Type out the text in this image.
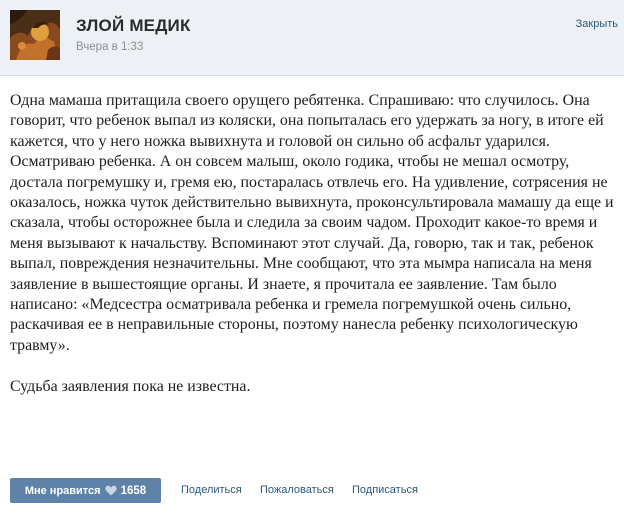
ЗЛОЙ МЕДИК
Вчера в 1:33
Закрыть

Одна мамаша притащила своего орущего ребятенка. Спрашиваю: что случилось. Она говорит, что ребенок выпал из коляски, она попыталась его удержать за ногу, в итоге ей кажется, что у него ножка вывихнута и головой он сильно об асфальт ударился. Осматриваю ребенка. А он совсем малыш, около годика, чтобы не мешал осмотру, достала погремушку и, гремя ею, постаралась отвлечь его. На удивление, сотрясения не оказалось, ножка чуток действительно вывихнута, проконсультировала мамашу да еще и сказала, чтобы осторожнее была и следила за своим чадом. Проходит какое-то время и меня вызывают к начальству. Вспоминают этот случай. Да, говорю, так и так, ребенок выпал, повреждения незначительны. Мне сообщают, что эта мымра написала на меня заявление в вышестоящие органы. И знаете, я прочитала ее заявление. Там было написано: «Медсестра осматривала ребенка и гремела погремушкой очень сильно, раскачивая ее в неправильные стороны, поэтому нанесла ребенку психологическую травму».

Судьба заявления пока не известна.

Мне нравится 1658	Поделиться Пожаловаться Подписаться
